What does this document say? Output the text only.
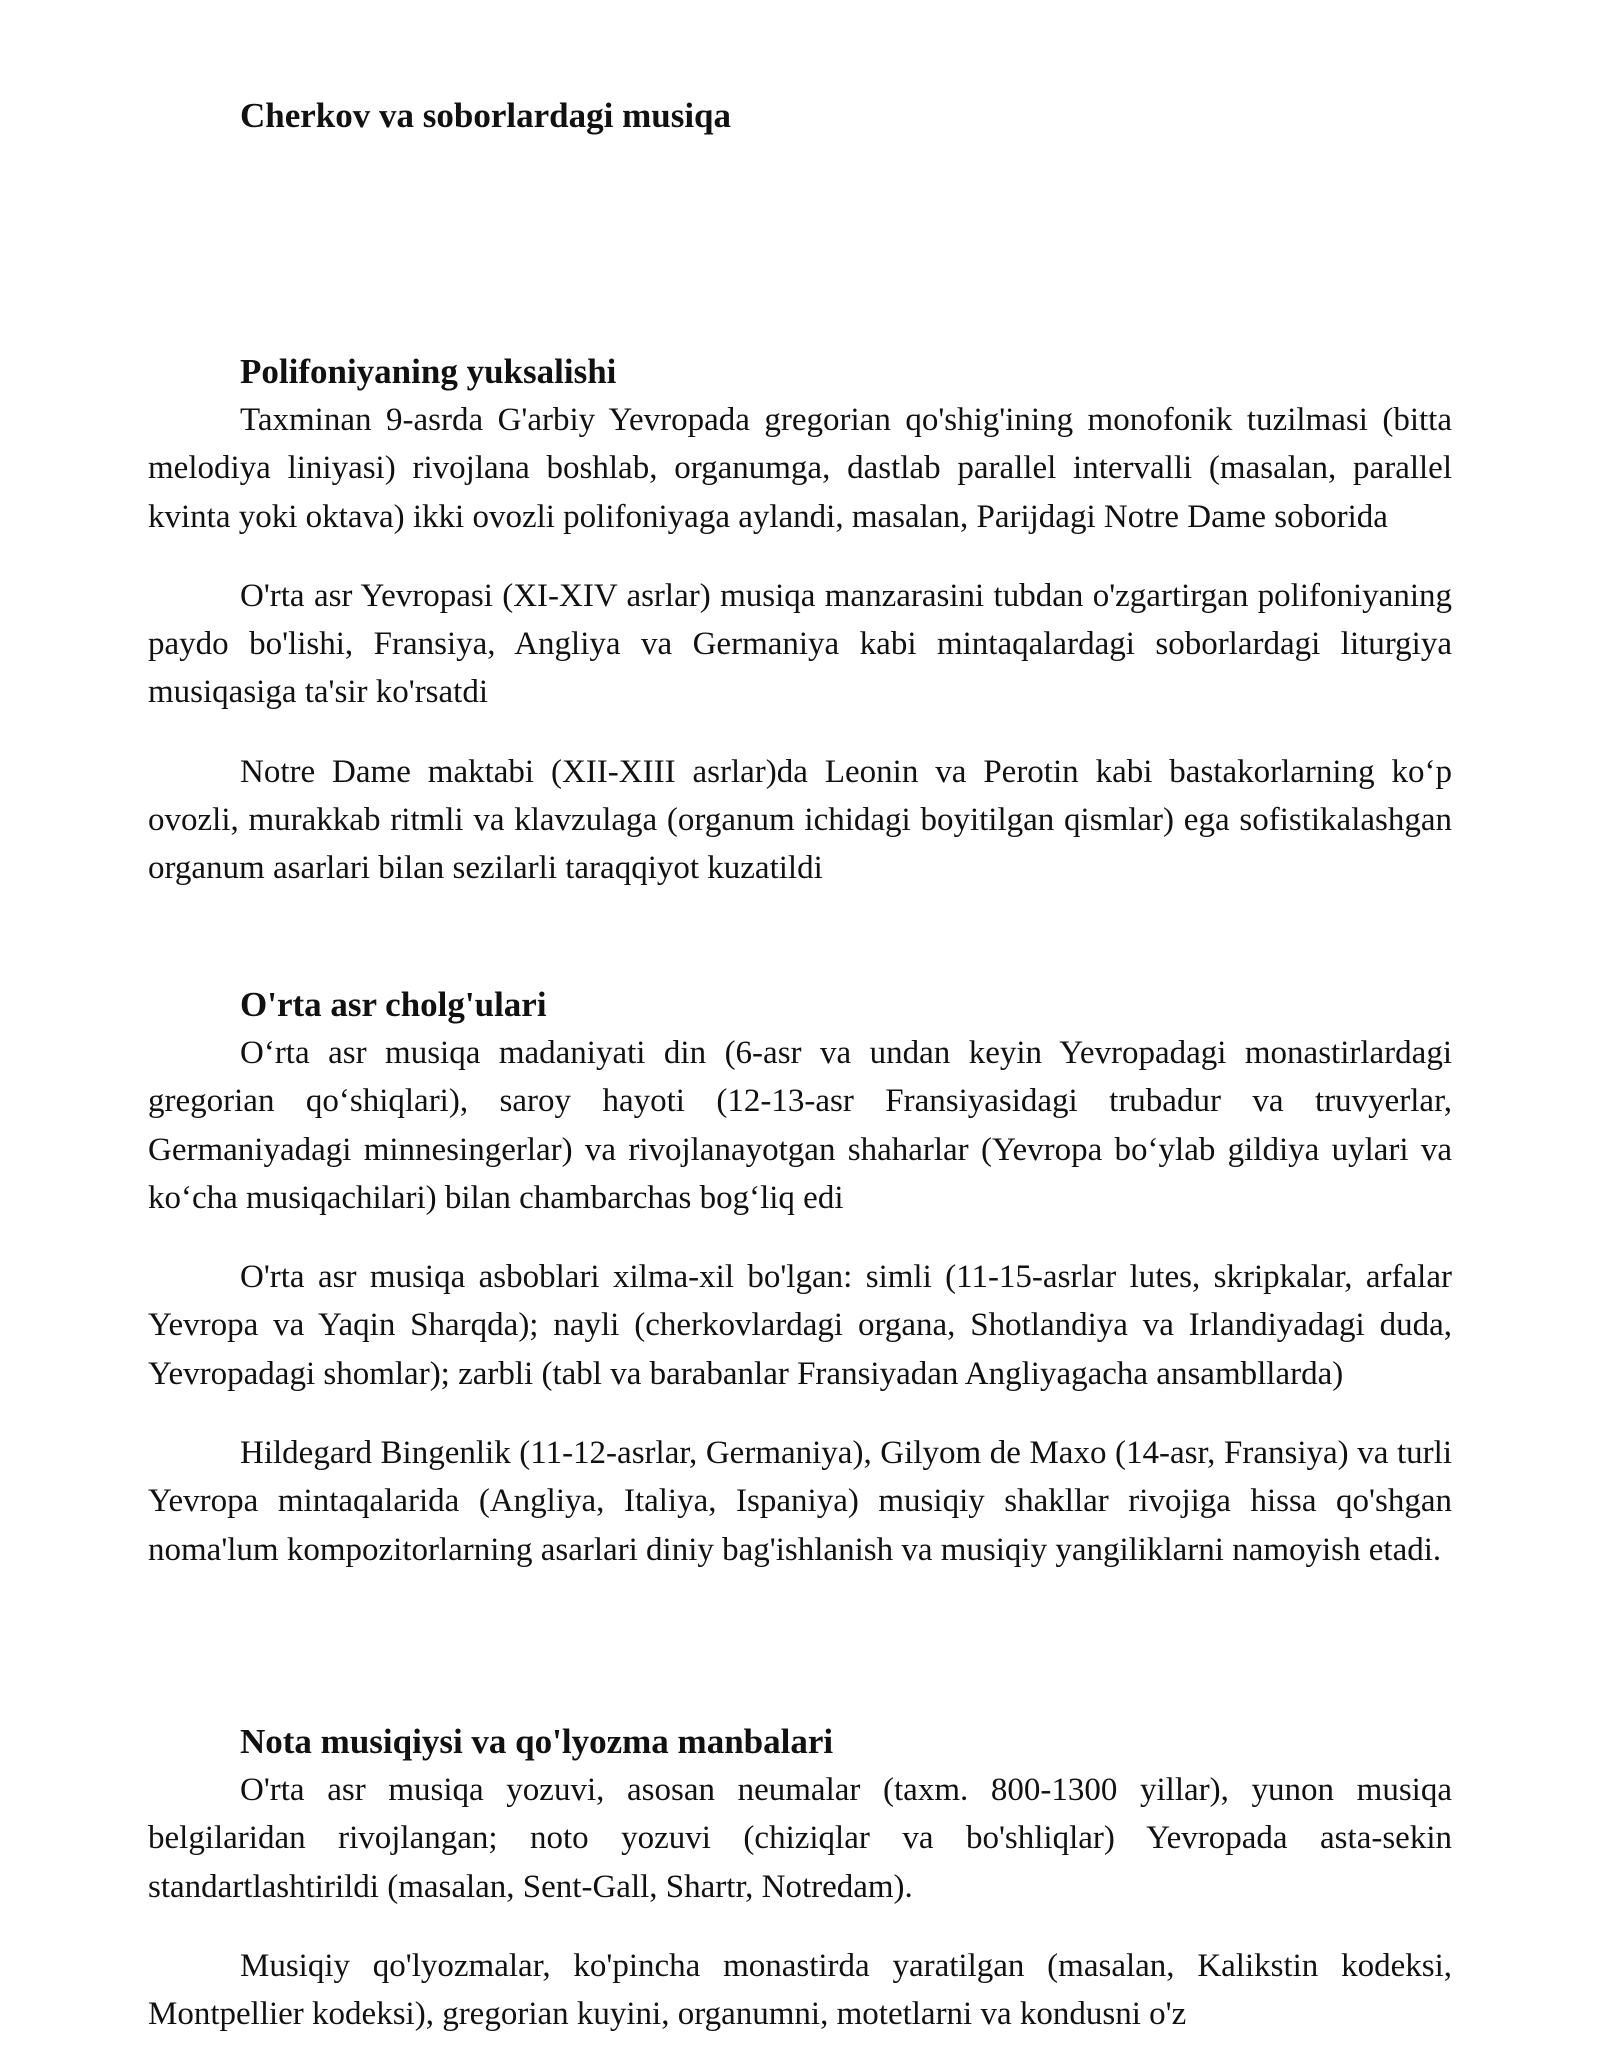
Cherkov va soborlardagi musiqa
Polifoniyaning yuksalishi

Taxminan 9-asrda G'arbiy Yevropada gregorian qo'shig'ining monofonik tuzilmasi (bitta melodiya liniyasi) rivojlana boshlab, organumga, dastlab parallel intervalli (masalan, parallel kvinta yoki oktava) ikki ovozli polifoniyaga aylandi, masalan, Parijdagi Notre Dame soborida

O'rta asr Yevropasi (XI-XIV asrlar) musiqa manzarasini tubdan o'zgartirgan polifoniyaning paydo bo'lishi, Fransiya, Angliya va Germaniya kabi mintaqalardagi soborlardagi liturgiya musiqasiga ta'sir ko'rsatdi

Notre Dame maktabi (XII-XIII asrlar)da Leonin va Perotin kabi bastakorlarning koʻp ovozli, murakkab ritmli va klavzulaga (organum ichidagi boyitilgan qismlar) ega sofistikalashgan organum asarlari bilan sezilarli taraqqiyot kuzatildi

O'rta asr cholg'ulari

Oʻrta asr musiqa madaniyati din (6-asr va undan keyin Yevropadagi monastirlardagi gregorian qoʻshiqlari), saroy hayoti (12-13-asr Fransiyasidagi trubadur va truvyerlar, Germaniyadagi minnesingerlar) va rivojlanayotgan shaharlar (Yevropa boʻylab gildiya uylari va koʻcha musiqachilari) bilan chambarchas bogʻliq edi

O'rta asr musiqa asboblari xilma-xil bo'lgan: simli (11-15-asrlar lutes, skripkalar, arfalar Yevropa va Yaqin Sharqda); nayli (cherkovlardagi organa, Shotlandiya va Irlandiyadagi duda, Yevropadagi shomlar); zarbli (tabl va barabanlar Fransiyadan Angliyagacha ansambllarda)

Hildegard Bingenlik (11-12-asrlar, Germaniya), Gilyom de Maxo (14-asr, Fransiya) va turli Yevropa mintaqalarida (Angliya, Italiya, Ispaniya) musiqiy shakllar rivojiga hissa qo'shgan noma'lum kompozitorlarning asarlari diniy bag'ishlanish va musiqiy yangiliklarni namoyish etadi.

Nota musiqiysi va qo'lyozma manbalari

O'rta asr musiqa yozuvi, asosan neumalar (taxm. 800-1300 yillar), yunon musiqa belgilaridan rivojlangan; noto yozuvi (chiziqlar va bo'shliqlar) Yevropada asta-sekin standartlashtirildi (masalan, Sent-Gall, Shartr, Notredam).

Musiqiy qo'lyozmalar, ko'pincha monastirda yaratilgan (masalan, Kalikstin kodeksi, Montpellier kodeksi), gregorian kuyini, organumni, motetlarni va kondusni o'z
